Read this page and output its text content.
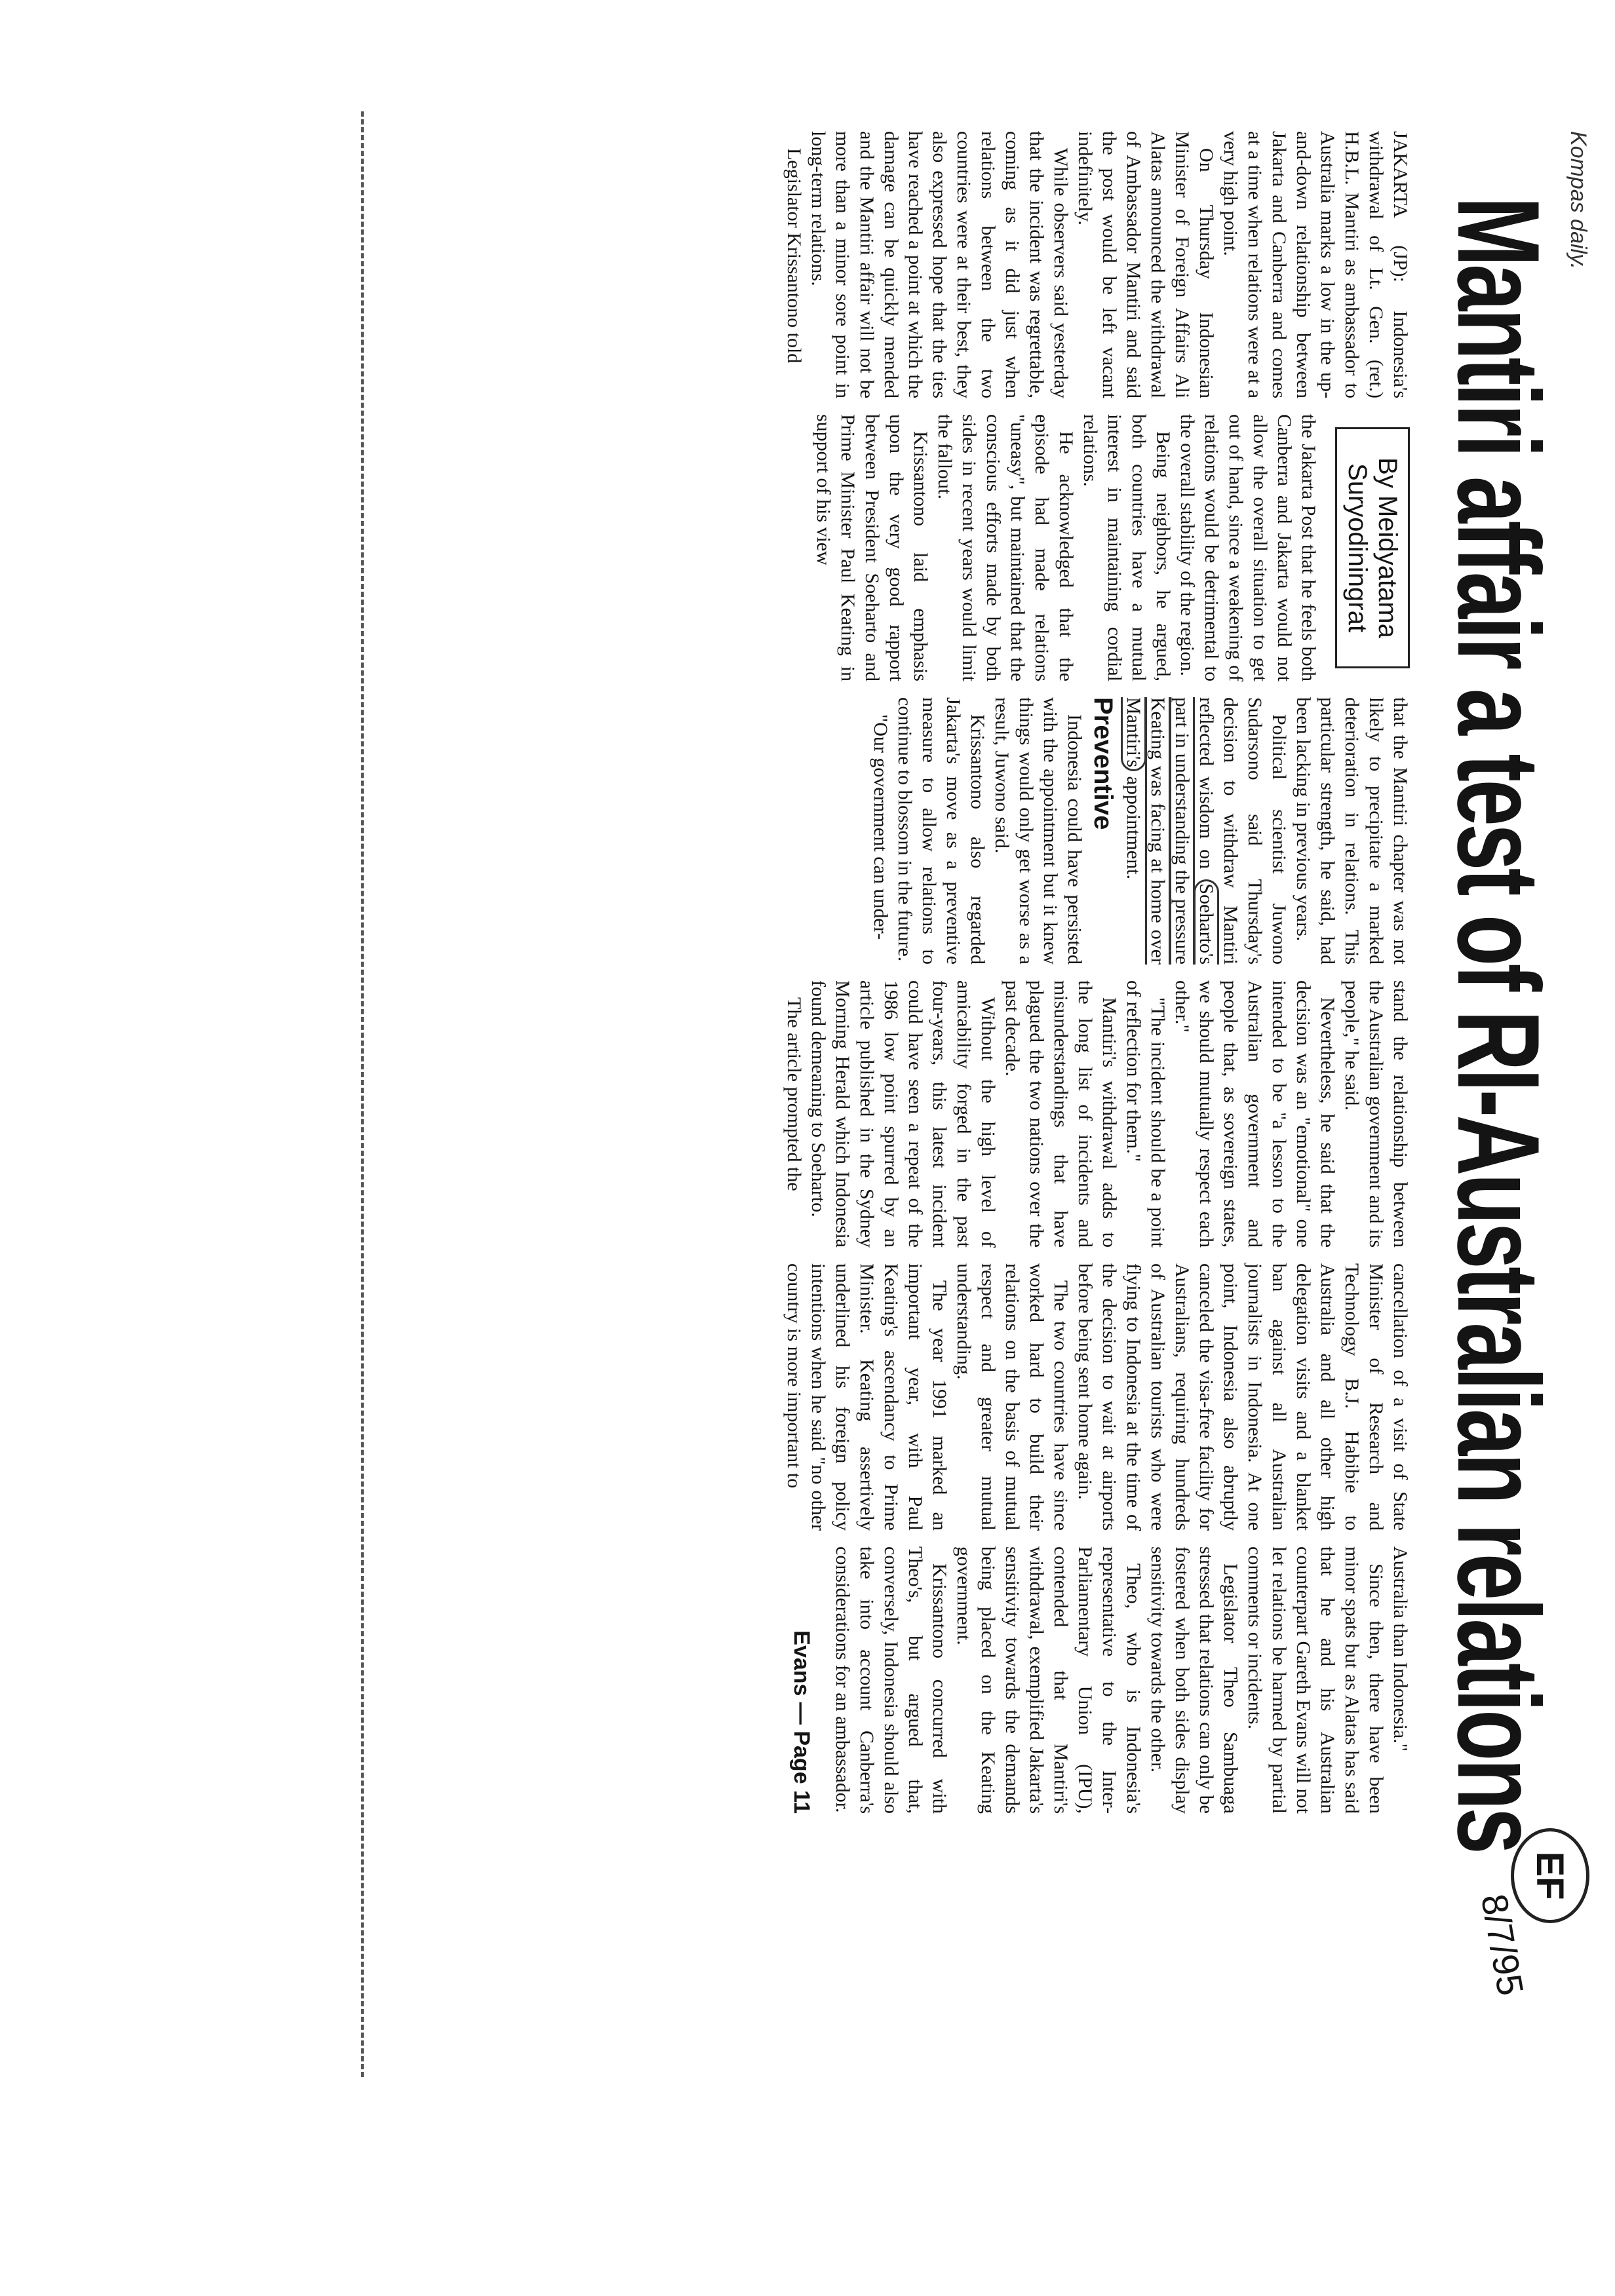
Kompas daily.
Mantiri affair a test of RI-Australian relations
EF
8/7/95

JAKARTA (JP): Indonesia's withdrawal of Lt. Gen. (ret.) H.B.L. Mantiri as ambassador to Australia marks a low in the up-and-down relationship between Jakarta and Canberra and comes at a time when relations were at a very high point.

On Thursday Indonesian Minister of Foreign Affairs Ali Alatas announced the withdrawal of Ambassador Mantiri and said the post would be left vacant indefinitely.

While observers said yesterday that the incident was regrettable, coming as it did just when relations between the two countries were at their best, they also expressed hope that the ties have reached a point at which the damage can be quickly mended and the Mantiri affair will not be more than a minor sore point in long-term relations.

Legislator Krissantono told

By Meidyatama
Suryodiningrat

the Jakarta Post that he feels both Canberra and Jakarta would not allow the overall situation to get out of hand, since a weakening of relations would be detrimental to the overall stability of the region.

Being neighbors, he argued, both countries have a mutual interest in maintaining cordial relations.

He acknowledged that the episode had made relations "uneasy", but maintained that the conscious efforts made by both sides in recent years would limit the fallout.

Krissantono laid emphasis upon the very good rapport between President Soeharto and Prime Minister Paul Keating in support of his view

that the Mantiri chapter was not likely to precipitate a marked deterioration in relations. This particular strength, he said, had been lacking in previous years.

Political scientist Juwono Sudarsono said Thursday's decision to withdraw Mantiri reflected wisdom on Soeharto's part in understanding the pressure Keating was facing at home over Mantiri's appointment.

Preventive

Indonesia could have persisted with the appointment but it knew things would only get worse as a result, Juwono said.

Krissantono also regarded Jakarta's move as a preventive measure to allow relations to continue to blossom in the future.

"Our government can under-

stand the relationship between the Australian government and its people," he said.

Nevertheless, he said that the decision was an "emotional" one intended to be "a lesson to the Australian government and people that, as sovereign states, we should mutually respect each other."

"The incident should be a point of reflection for them."

Mantiri's withdrawal adds to the long list of incidents and misunderstandings that have plagued the two nations over the past decade.

Without the high level of amicability forged in the past four-years, this latest incident could have seen a repeat of the 1986 low point spurred by an article published in the Sydney Morning Herald which Indonesia found demeaning to Soeharto.

The article prompted the

cancellation of a visit of State Minister of Research and Technology B.J. Habibie to Australia and all other high delegation visits and a blanket ban against all Australian journalists in Indonesia. At one point, Indonesia also abruptly canceled the visa-free facility for Australians, requiring hundreds of Australian tourists who were flying to Indonesia at the time of the decision to wait at airports before being sent home again.

The two countries have since worked hard to build their relations on the basis of mutual respect and greater mutual understanding.

The year 1991 marked an important year, with Paul Keating's ascendancy to Prime Minister. Keating assertively underlined his foreign policy intentions when he said "no other country is more important to

Australia than Indonesia."

Since then, there have been minor spats but as Alatas has said that he and his Australian counterpart Gareth Evans will not let relations be harmed by partial comments or incidents.

Legislator Theo Sambuaga stressed that relations can only be fostered when both sides display sensitivity towards the other.

Theo, who is Indonesia's representative to the Inter-Parliamentary Union (IPU), contended that Mantiri's withdrawal, exemplified Jakarta's sensitivity towards the demands being placed on the Keating government.

Krissantono concurred with Theo's, but argued that, conversely, Indonesia should also take into account Canberra's considerations for an ambassador.

Evans — Page 11
